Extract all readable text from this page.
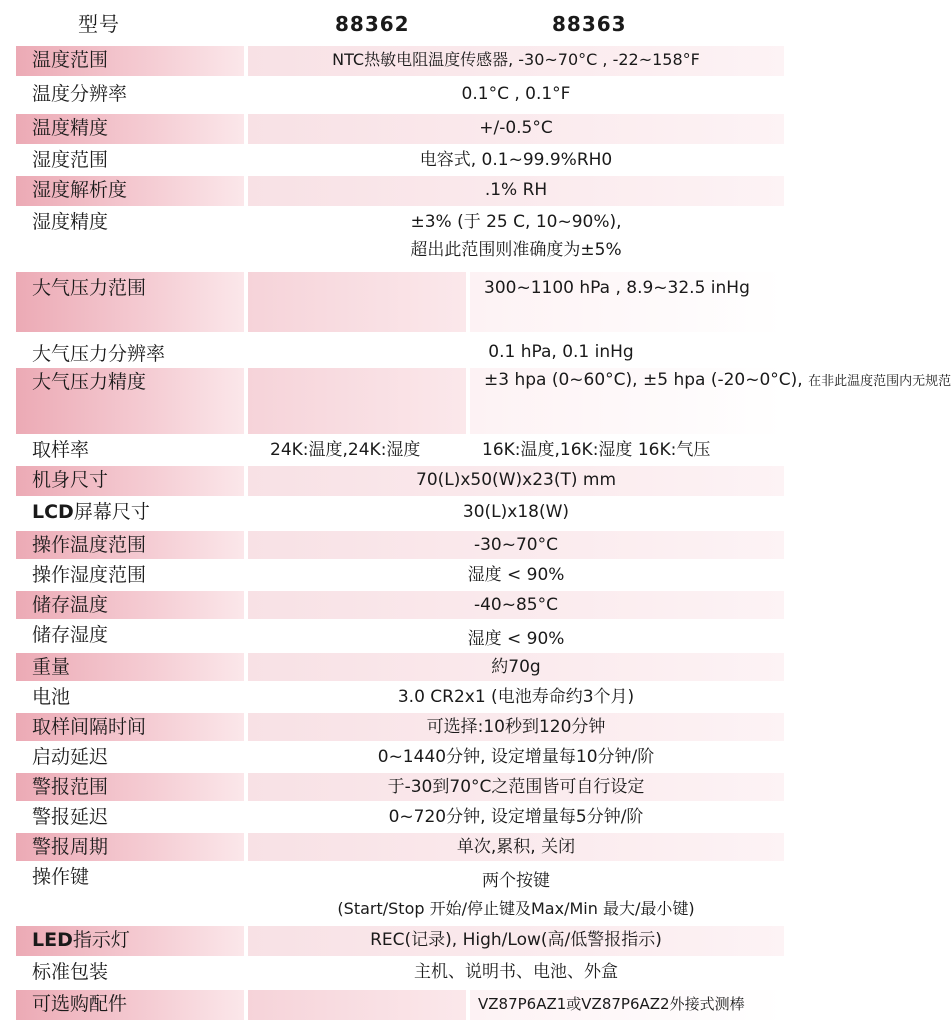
型号	88362	88363
温度范围	NTC热敏电阻温度传感器, -30~70°C , -22~158°F
温度分辨率	0.1°C , 0.1°F
温度精度	+/-0.5°C
湿度范围	电容式, 0.1~99.9%RH0
湿度解析度	.1% RH
湿度精度	±3% (于 25 C, 10~90%),
超出此范围则准确度为±5%
大气压力范围	300~1100 hPa , 8.9~32.5 inHg
大气压力分辨率	0.1 hPa, 0.1 inHg
大气压力精度	±3 hpa (0~60°C), ±5 hpa (-20~0°C), 在非此温度范围内无规范
取样率	24K:温度,24K:湿度	16K:温度,16K:湿度 16K:气压
机身尺寸	70(L)x50(W)x23(T) mm
LCD屏幕尺寸	30(L)x18(W)
操作温度范围	-30~70°C
操作湿度范围	湿度 < 90%
储存温度	-40~85°C
储存湿度	湿度 < 90%
重量	約70g
电池	3.0 CR2x1 (电池寿命约3个月)
取样间隔时间	可选择:10秒到120分钟
启动延迟	0~1440分钟, 设定增量每10分钟/阶
警报范围	于-30到70°C之范围皆可自行设定
警报延迟	0~720分钟, 设定增量每5分钟/阶
警报周期	单次,累积, 关闭
操作键	两个按键
(Start/Stop 开始/停止键及Max/Min 最大/最小键)
LED指示灯	REC(记录), High/Low(高/低警报指示)
标准包装	主机、说明书、电池、外盒
可选购配件	VZ87P6AZ1或VZ87P6AZ2外接式测棒
